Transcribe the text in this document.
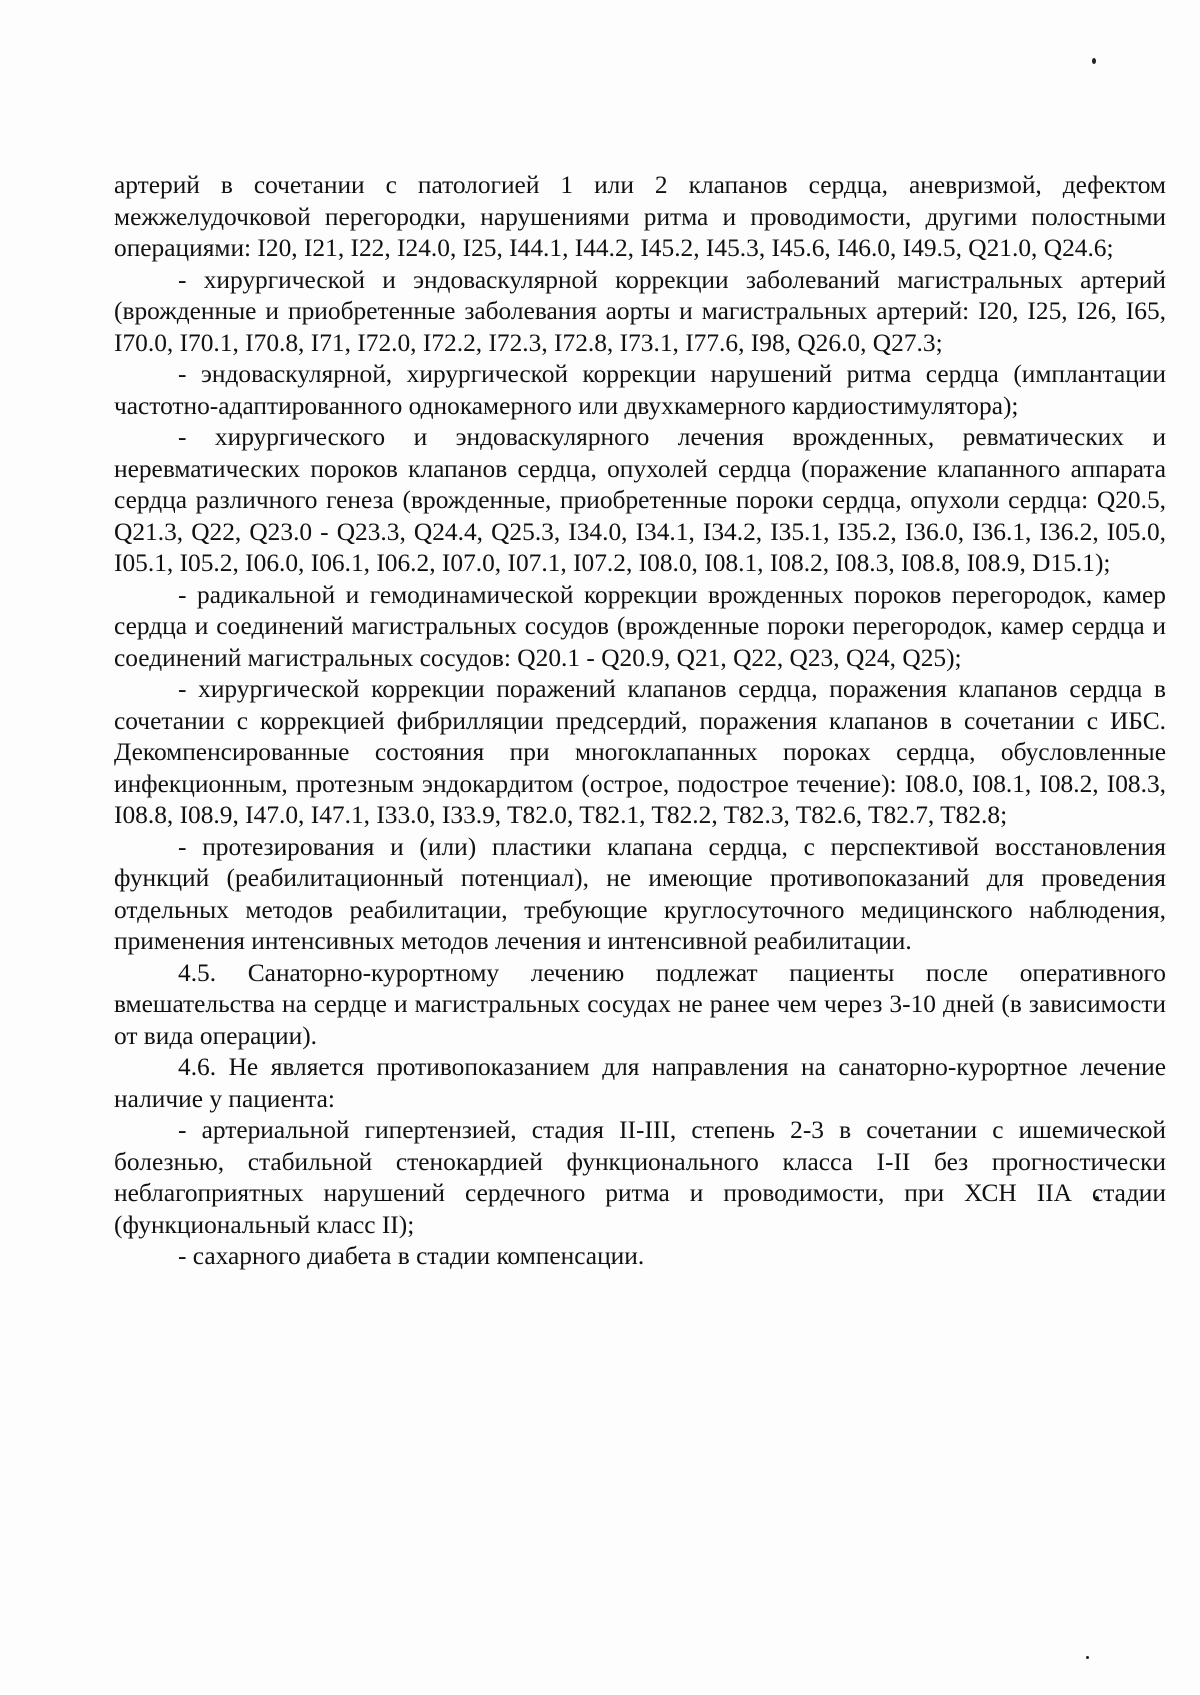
артерий в сочетании с патологией 1 или 2 клапанов сердца, аневризмой, дефектом межжелудочковой перегородки, нарушениями ритма и проводимости, другими полостными операциями: I20, I21, I22, I24.0, I25, I44.1, I44.2, I45.2, I45.3, I45.6, I46.0, I49.5, Q21.0, Q24.6;

- хирургической и эндоваскулярной коррекции заболеваний магистральных артерий (врожденные и приобретенные заболевания аорты и магистральных артерий: I20, I25, I26, I65, I70.0, I70.1, I70.8, I71, I72.0, I72.2, I72.3, I72.8, I73.1, I77.6, I98, Q26.0, Q27.3;

- эндоваскулярной, хирургической коррекции нарушений ритма сердца (имплантации частотно-адаптированного однокамерного или двухкамерного кардиостимулятора);

- хирургического и эндоваскулярного лечения врожденных, ревматических и неревматических пороков клапанов сердца, опухолей сердца (поражение клапанного аппарата сердца различного генеза (врожденные, приобретенные пороки сердца, опухоли сердца: Q20.5, Q21.3, Q22, Q23.0 - Q23.3, Q24.4, Q25.3, I34.0, I34.1, I34.2, I35.1, I35.2, I36.0, I36.1, I36.2, I05.0, I05.1, I05.2, I06.0, I06.1, I06.2, I07.0, I07.1, I07.2, I08.0, I08.1, I08.2, I08.3, I08.8, I08.9, D15.1);

- радикальной и гемодинамической коррекции врожденных пороков перегородок, камер сердца и соединений магистральных сосудов (врожденные пороки перегородок, камер сердца и соединений магистральных сосудов: Q20.1 - Q20.9, Q21, Q22, Q23, Q24, Q25);

- хирургической коррекции поражений клапанов сердца, поражения клапанов сердца в сочетании с коррекцией фибрилляции предсердий, поражения клапанов в сочетании с ИБС. Декомпенсированные состояния при многоклапанных пороках сердца, обусловленные инфекционным, протезным эндокардитом (острое, подострое течение): I08.0, I08.1, I08.2, I08.3, I08.8, I08.9, I47.0, I47.1, I33.0, I33.9, T82.0, T82.1, T82.2, T82.3, T82.6, T82.7, T82.8;

- протезирования и (или) пластики клапана сердца, с перспективой восстановления функций (реабилитационный потенциал), не имеющие противопоказаний для проведения отдельных методов реабилитации, требующие круглосуточного медицинского наблюдения, применения интенсивных методов лечения и интенсивной реабилитации.

4.5. Санаторно-курортному лечению подлежат пациенты после оперативного вмешательства на сердце и магистральных сосудах не ранее чем через 3-10 дней (в зависимости от вида операции).

4.6. Не является противопоказанием для направления на санаторно-курортное лечение наличие у пациента:

- артериальной гипертензией, стадия II-III, степень 2-3 в сочетании с ишемической болезнью, стабильной стенокардией функционального класса I-II без прогностически неблагоприятных нарушений сердечного ритма и проводимости, при ХСН IIА стадии (функциональный класс II);

- сахарного диабета в стадии компенсации.
